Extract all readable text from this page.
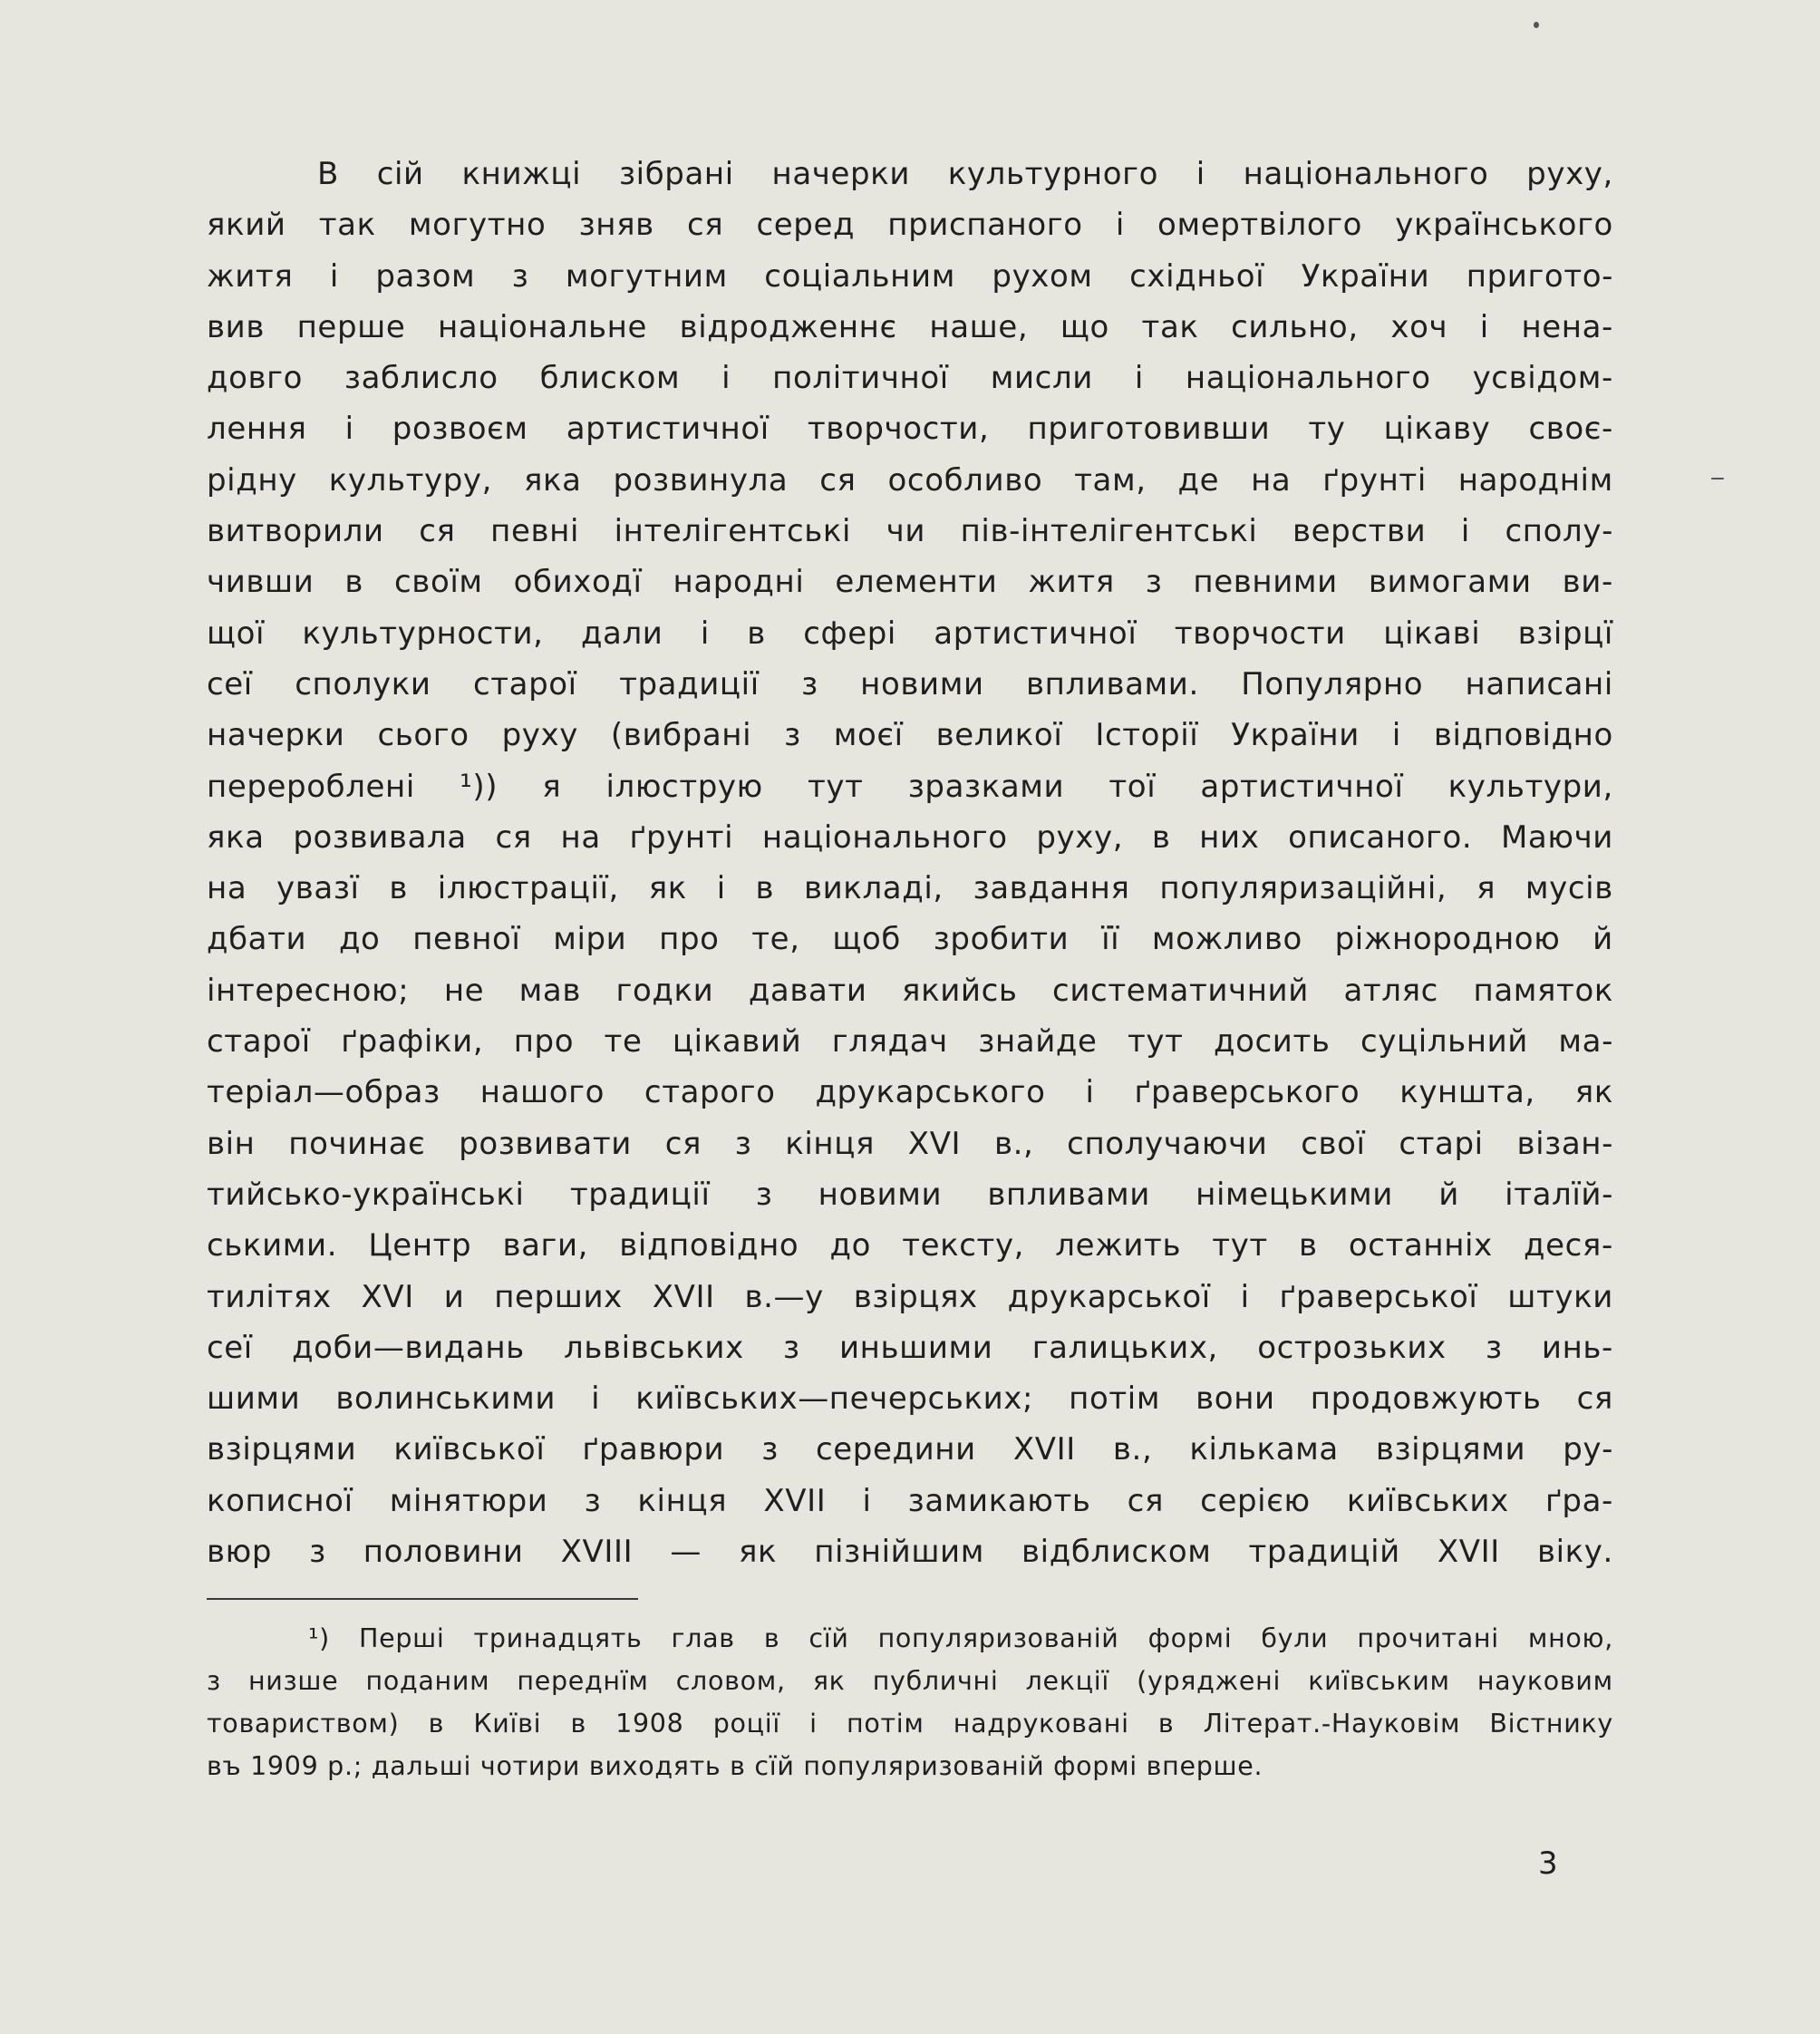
В сій книжці зібрані начерки культурного і національного руху,
який так могутно зняв ся серед приспаного і омертвілого українського
житя і разом з могутним соціальним рухом східньої України пригото-
вив перше національне відродженнє наше, що так сильно, хоч і нена-
довго заблисло блиском і політичної мисли і національного усвідом-
лення і розвоєм артистичної творчости, приготовивши ту цікаву своє-
рідну культуру, яка розвинула ся особливо там, де на ґрунті народнім
витворили ся певні інтелігентські чи пів-інтелігентські верстви і сполу-
чивши в своїм обиходї народні елементи житя з певними вимогами ви-
щої культурности, дали і в сфері артистичної творчости цікаві взірцї
сеї сполуки старої традиції з новими впливами. Популярно написані
начерки сього руху (вибрані з моєї великої Історії України і відповідно
перероблені ¹)) я ілюструю тут зразками тої артистичної культури,
яка розвивала ся на ґрунті національного руху, в них описаного. Маючи
на увазї в ілюстрації, як і в викладі, завдання популяризаційні, я мусів
дбати до певної міри про те, щоб зробити її можливо ріжнородною й
інтересною; не мав годки давати якийсь систематичний атляс памяток
старої ґрафіки, про те цікавий глядач знайде тут досить суцільний ма-
теріал—образ нашого старого друкарського і ґраверського куншта, як
він починає розвивати ся з кінця XVI в., сполучаючи свої старі візан-
тийсько-українські традиції з новими впливами німецькими й італїй-
ськими. Центр ваги, відповідно до тексту, лежить тут в останніх деся-
тилітях XVI и перших XVII в.—у взірцях друкарської і ґраверської штуки
сеї доби—видань львівських з иньшими галицьких, острозьких з инь-
шими волинськими і київських—печерських; потім вони продовжують ся
взірцями київської ґравюри з середини XVII в., кількама взірцями ру-
кописної мінятюри з кінця XVII і замикають ся серією київських ґра-
вюр з половини XVIII — як пізнійшим відблиском традицій XVII віку.
¹) Перші тринадцять глав в сїй популяризованій формі були прочитані мною,
з низше поданим переднїм словом, як публичні лекції (уряджені київським науковим
товариством) в Київі в 1908 роції і потім надруковані в Літерат.-Науковім Вістнику
въ 1909 р.; дальші чотири виходять в сїй популяризованій формі вперше.
3
